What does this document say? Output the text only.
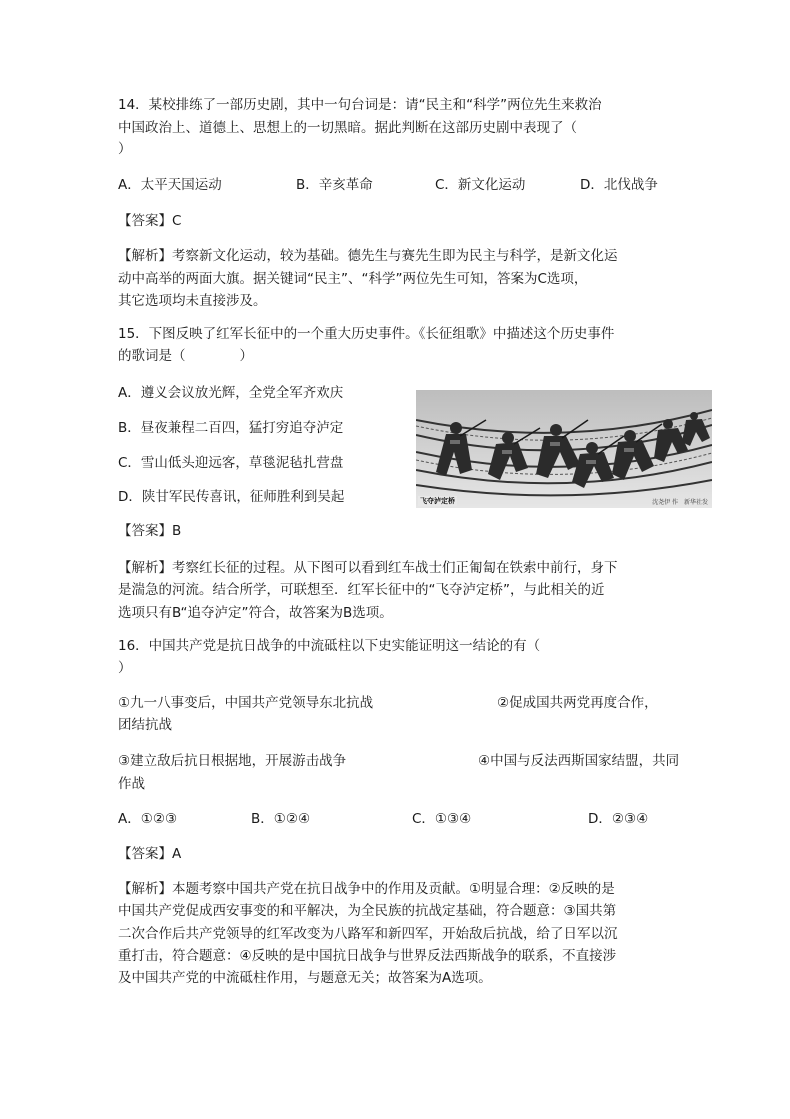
14．某校排练了一部历史剧，其中一句台词是：请“民主和“科学”两位先生来救治
中国政治上、道德上、思想上的一切黑暗。据此判断在这部历史剧中表现了（
）
A．太平天国运动	B．辛亥革命	C．新文化运动	D．北伐战争
【答案】C
【解析】考察新文化运动，较为基础。德先生与赛先生即为民主与科学，是新文化运
动中高举的两面大旗。据关键词“民主”、“科学”两位先生可知，答案为C选项，
其它选项均未直接涉及。
15．下图反映了红军长征中的一个重大历史事件。《长征组歌》中描述这个历史事件
的歌词是（　　　　）
A．遵义会议放光辉，全党全军齐欢庆
B．昼夜兼程二百四，猛打穷追夺泸定
C．雪山低头迎远客，草毯泥毡扎营盘
D．陕甘军民传喜讯，征师胜利到吴起	飞夺泸定桥	沈尧伊 作　新华社发
【答案】B
【解析】考察红长征的过程。从下图可以看到红车战士们正匍匐在铁索中前行，身下
是湍急的河流。结合所学，可联想至．红军长征中的“飞夺泸定桥”，与此相关的近
选项只有B“追夺泸定”符合，故答案为B选项。
16．中国共产党是抗日战争的中流砥柱以下史实能证明这一结论的有（
）
①九一八事变后，中国共产党领导东北抗战	②促成国共两党再度合作，
团结抗战
③建立敌后抗日根据地，开展游击战争	④中国与反法西斯国家结盟，共同
作战
A．①②③	B．①②④	C．①③④	D．②③④
【答案】A
【解析】本题考察中国共产党在抗日战争中的作用及贡献。①明显合理：②反映的是
中国共产党促成西安事变的和平解决，为全民族的抗战定基础，符合题意：③国共第
二次合作后共产党领导的红军改变为八路军和新四军，开始敌后抗战，给了日军以沉
重打击，符合题意：④反映的是中国抗日战争与世界反法西斯战争的联系，不直接涉
及中国共产党的中流砥柱作用，与题意无关；故答案为A选项。
